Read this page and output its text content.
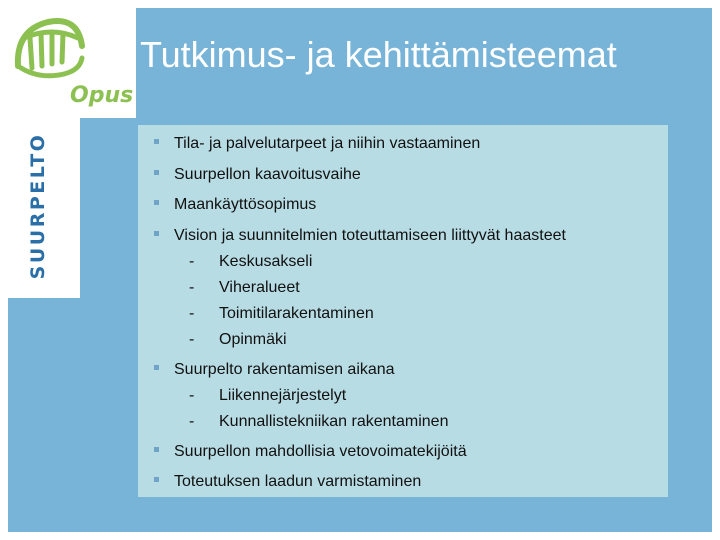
Opus
SUURPELTO
Tutkimus- ja kehittämisteemat
Tila- ja palvelutarpeet ja niihin vastaaminen
Suurpellon kaavoitusvaihe
Maankäyttösopimus
Vision ja suunnitelmien toteuttamiseen liittyvät haasteet
- Keskusakseli
- Viheralueet
- Toimitilarakentaminen
- Opinmäki
Suurpelto rakentamisen aikana
- Liikennejärjestelyt
- Kunnallistekniikan rakentaminen
Suurpellon mahdollisia vetovoimatekijöitä
Toteutuksen laadun varmistaminen
